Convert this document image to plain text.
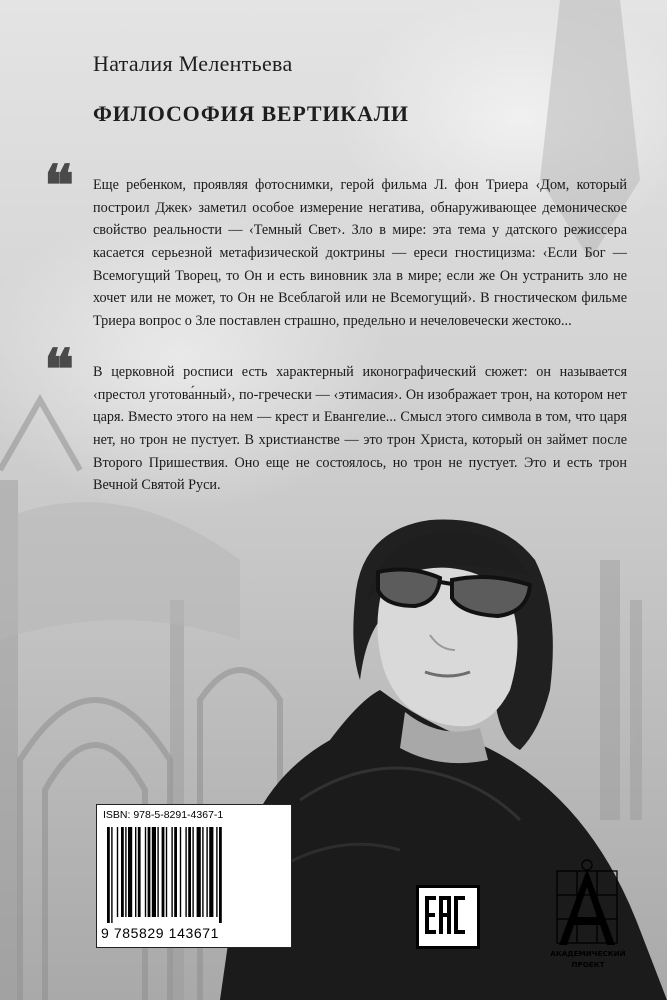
Наталия Мелентьева
ФИЛОСОФИЯ ВЕРТИКАЛИ
❝ Еще ребенком, проявляя фотоснимки, герой фильма Л. фон Триера ‹Дом, который построил Джек› заметил особое измерение негатива, обнаруживающее демоническое свойство реальности — ‹Темный Свет›. Зло в мире: эта тема у датского режиссера касается серьезной метафизической доктрины — ереси гностицизма: ‹Если Бог — Всемогущий Творец, то Он и есть виновник зла в мире; если же Он устранить зло не хочет или не может, то Он не Всеблагой или не Всемогущий›. В гностическом фильме Триера вопрос о Зле поставлен страшно, предельно и нечеловечески жестоко...

❝ В церковной росписи есть характерный иконографический сюжет: он называется ‹престол уготова́нный›, по-гречески — ‹этимасия›. Он изображает трон, на котором нет царя. Вместо этого на нем — крест и Евангелие... Смысл этого символа в том, что царя нет, но трон не пустует. В христианстве — это трон Христа, который он займет после Второго Пришествия. Оно еще не состоялось, но трон не пустует. Это и есть трон Вечной Святой Руси.

ISBN: 978-5-8291-4367-1
9 785829 143671
АКАДЕМИЧЕСКИЙ
ПРОЕКТ
